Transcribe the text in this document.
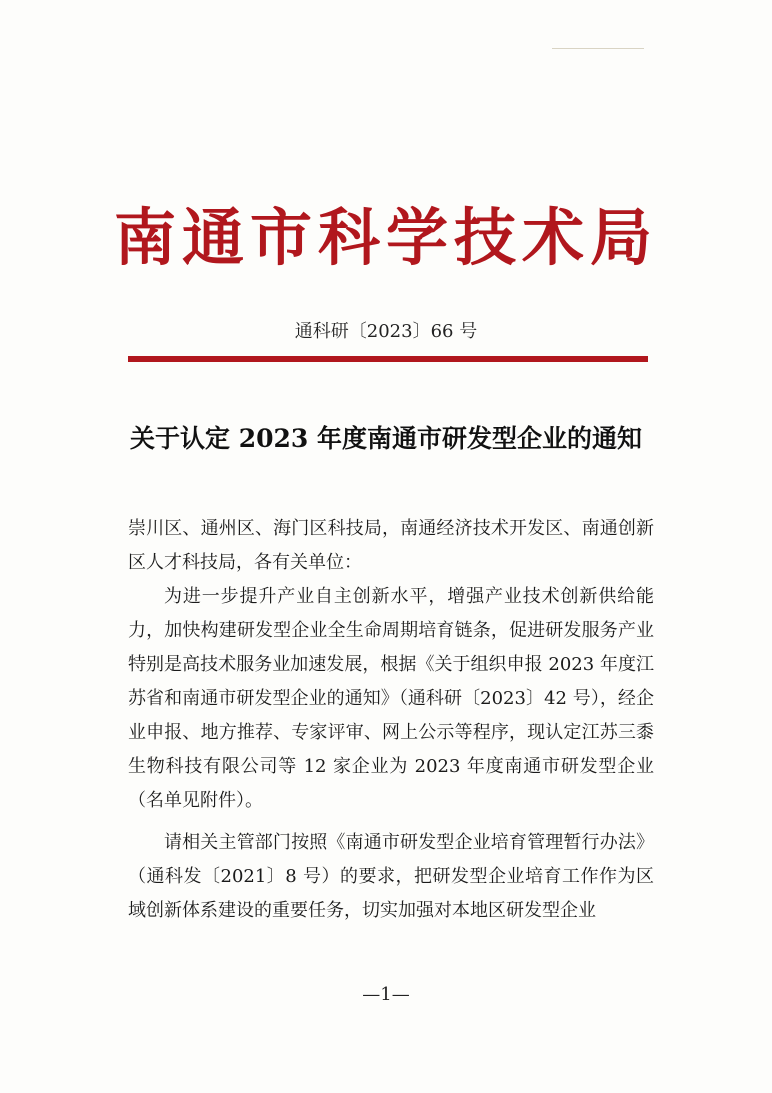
南通市科学技术局
通科研〔2023〕66 号
关于认定 2023 年度南通市研发型企业的通知
崇川区、通州区、海门区科技局，南通经济技术开发区、南通创新区人才科技局，各有关单位：
为进一步提升产业自主创新水平，增强产业技术创新供给能力，加快构建研发型企业全生命周期培育链条，促进研发服务产业特别是高技术服务业加速发展，根据《关于组织申报 2023 年度江苏省和南通市研发型企业的通知》（通科研〔2023〕42 号），经企业申报、地方推荐、专家评审、网上公示等程序，现认定江苏三黍生物科技有限公司等 12 家企业为 2023 年度南通市研发型企业（名单见附件）。
请相关主管部门按照《南通市研发型企业培育管理暂行办法》（通科发〔2021〕8 号）的要求，把研发型企业培育工作作为区域创新体系建设的重要任务，切实加强对本地区研发型企业
—1—
